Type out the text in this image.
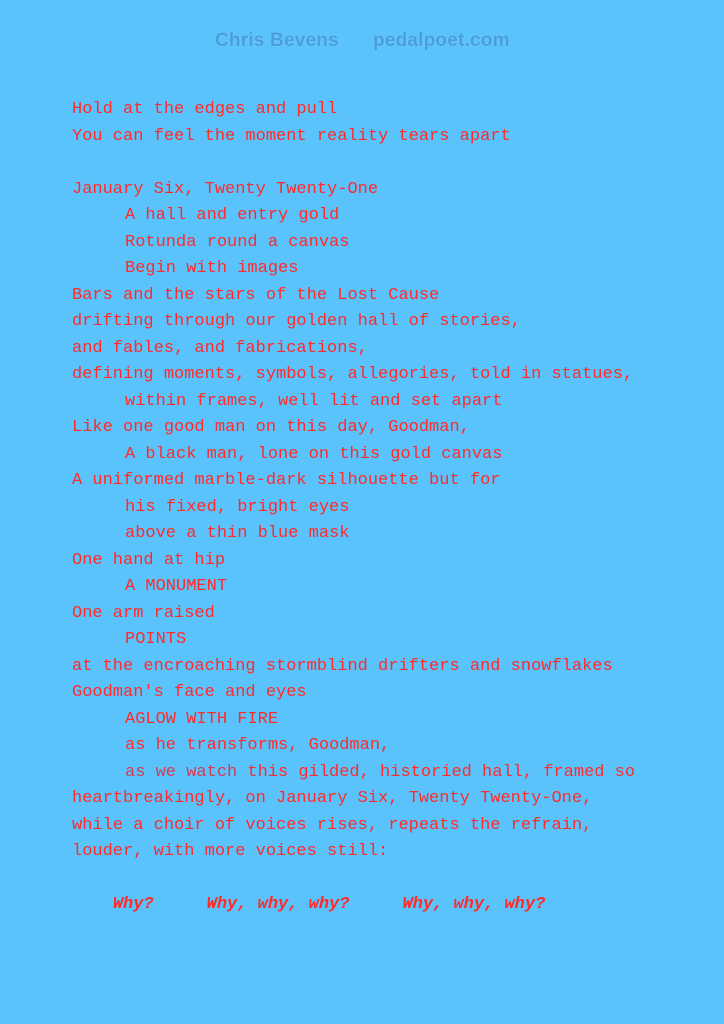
Chris Bevens pedalpoet.com
Hold at the edges and pull
You can feel the moment reality tears apart
January Six, Twenty Twenty-One
A hall and entry gold
Rotunda round a canvas
Begin with images
Bars and the stars of the Lost Cause
drifting through our golden hall of stories,
and fables, and fabrications,
defining moments, symbols, allegories, told in statues,
within frames, well lit and set apart
Like one good man on this day, Goodman,
A black man, lone on this gold canvas
A uniformed marble-dark silhouette but for
his fixed, bright eyes
above a thin blue mask
One hand at hip
A MONUMENT
One arm raised
POINTS
at the encroaching stormblind drifters and snowflakes
Goodman's face and eyes
AGLOW WITH FIRE
as he transforms, Goodman,
as we watch this gilded, historied hall, framed so
heartbreakingly, on January Six, Twenty Twenty-One,
while a choir of voices rises, repeats the refrain,
louder, with more voices still:

Why?	Why, why, why?	Why, why, why?
